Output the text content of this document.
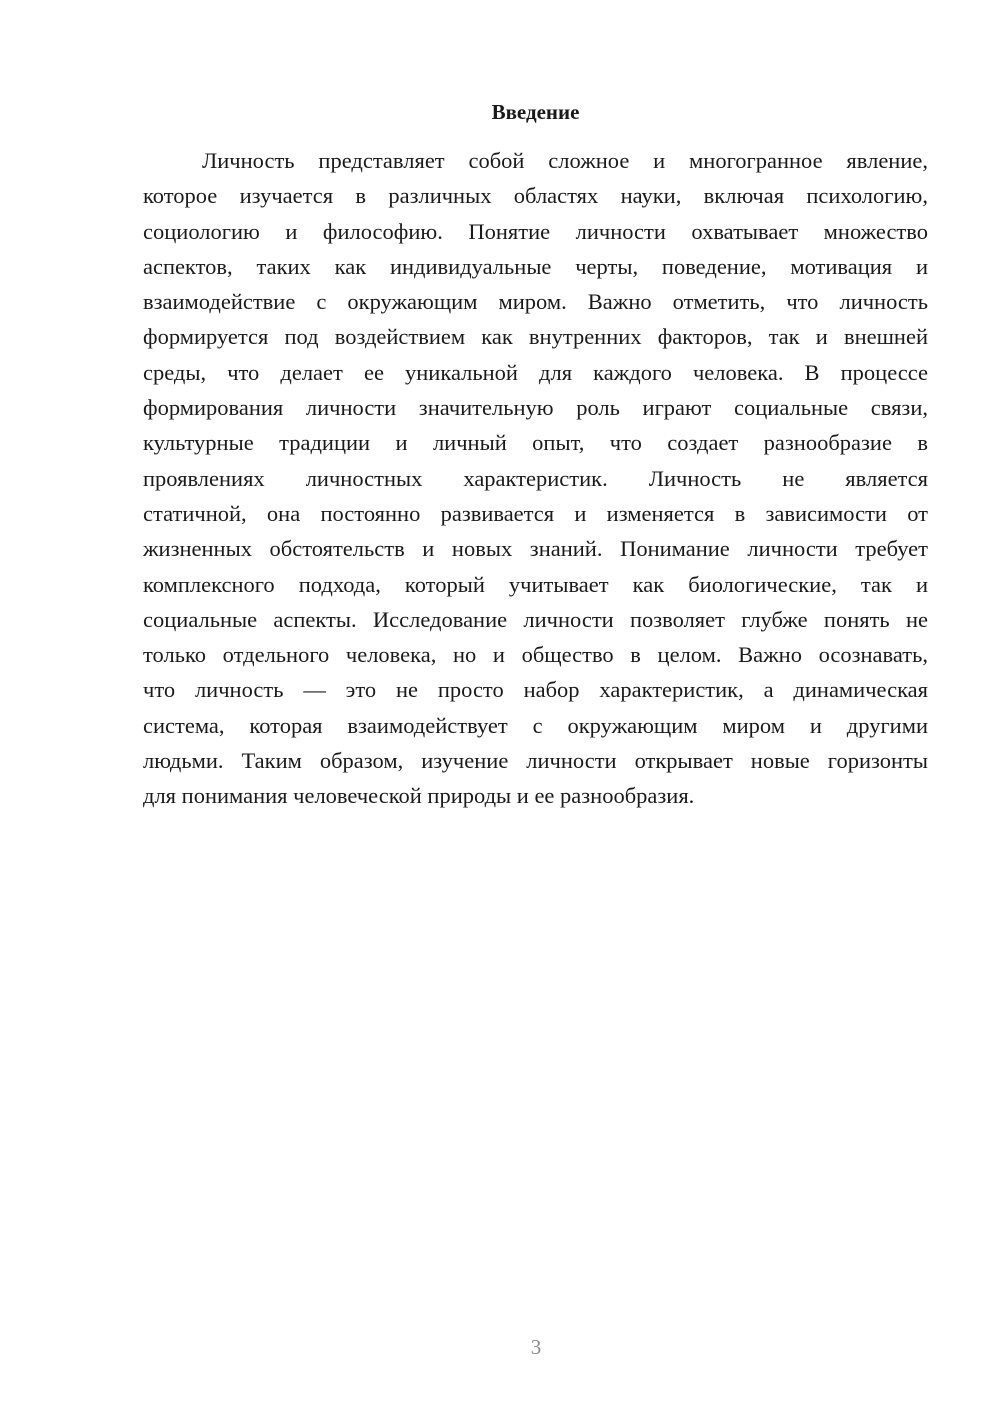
Введение
Личность представляет собой сложное и многогранное явление,
которое изучается в различных областях науки, включая психологию,
социологию и философию. Понятие личности охватывает множество
аспектов, таких как индивидуальные черты, поведение, мотивация и
взаимодействие с окружающим миром. Важно отметить, что личность
формируется под воздействием как внутренних факторов, так и внешней
среды, что делает ее уникальной для каждого человека. В процессе
формирования личности значительную роль играют социальные связи,
культурные традиции и личный опыт, что создает разнообразие в
проявлениях личностных характеристик. Личность не является
статичной, она постоянно развивается и изменяется в зависимости от
жизненных обстоятельств и новых знаний. Понимание личности требует
комплексного подхода, который учитывает как биологические, так и
социальные аспекты. Исследование личности позволяет глубже понять не
только отдельного человека, но и общество в целом. Важно осознавать,
что личность — это не просто набор характеристик, а динамическая
система, которая взаимодействует с окружающим миром и другими
людьми. Таким образом, изучение личности открывает новые горизонты
для понимания человеческой природы и ее разнообразия.
3
